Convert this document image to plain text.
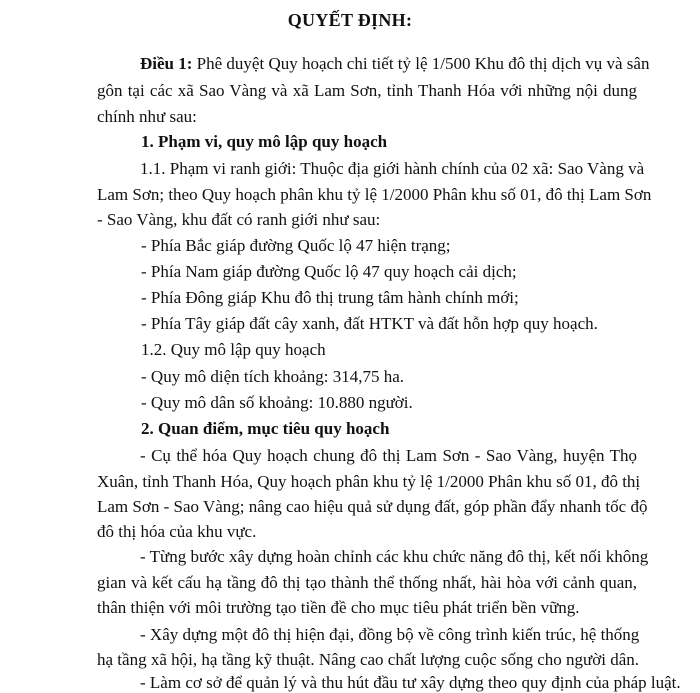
QUYẾT ĐỊNH:
Điều 1: Phê duyệt Quy hoạch chi tiết tỷ lệ 1/500 Khu đô thị dịch vụ và sân
gôn tại các xã Sao Vàng và xã Lam Sơn, tỉnh Thanh Hóa với những nội dung
chính như sau:
1. Phạm vi, quy mô lập quy hoạch
1.1. Phạm vi ranh giới: Thuộc địa giới hành chính của 02 xã: Sao Vàng và
Lam Sơn; theo Quy hoạch phân khu tỷ lệ 1/2000 Phân khu số 01, đô thị Lam Sơn
- Sao Vàng, khu đất có ranh giới như sau:
- Phía Bắc giáp đường Quốc lộ 47 hiện trạng;
- Phía Nam giáp đường Quốc lộ 47 quy hoạch cải dịch;
- Phía Đông giáp Khu đô thị trung tâm hành chính mới;
- Phía Tây giáp đất cây xanh, đất HTKT và đất hỗn hợp quy hoạch.
1.2. Quy mô lập quy hoạch
- Quy mô diện tích khoảng: 314,75 ha.
- Quy mô dân số khoảng: 10.880 người.
2. Quan điểm, mục tiêu quy hoạch
- Cụ thể hóa Quy hoạch chung đô thị Lam Sơn - Sao Vàng, huyện Thọ
Xuân, tỉnh Thanh Hóa, Quy hoạch phân khu tỷ lệ 1/2000 Phân khu số 01, đô thị
Lam Sơn - Sao Vàng; nâng cao hiệu quả sử dụng đất, góp phần đẩy nhanh tốc độ
đô thị hóa của khu vực.
- Từng bước xây dựng hoàn chỉnh các khu chức năng đô thị, kết nối không
gian và kết cấu hạ tầng đô thị tạo thành thể thống nhất, hài hòa với cảnh quan,
thân thiện với môi trường tạo tiền đề cho mục tiêu phát triển bền vững.
- Xây dựng một đô thị hiện đại, đồng bộ về công trình kiến trúc, hệ thống
hạ tầng xã hội, hạ tầng kỹ thuật. Nâng cao chất lượng cuộc sống cho người dân.
- Làm cơ sở để quản lý và thu hút đầu tư xây dựng theo quy định của pháp luật.
